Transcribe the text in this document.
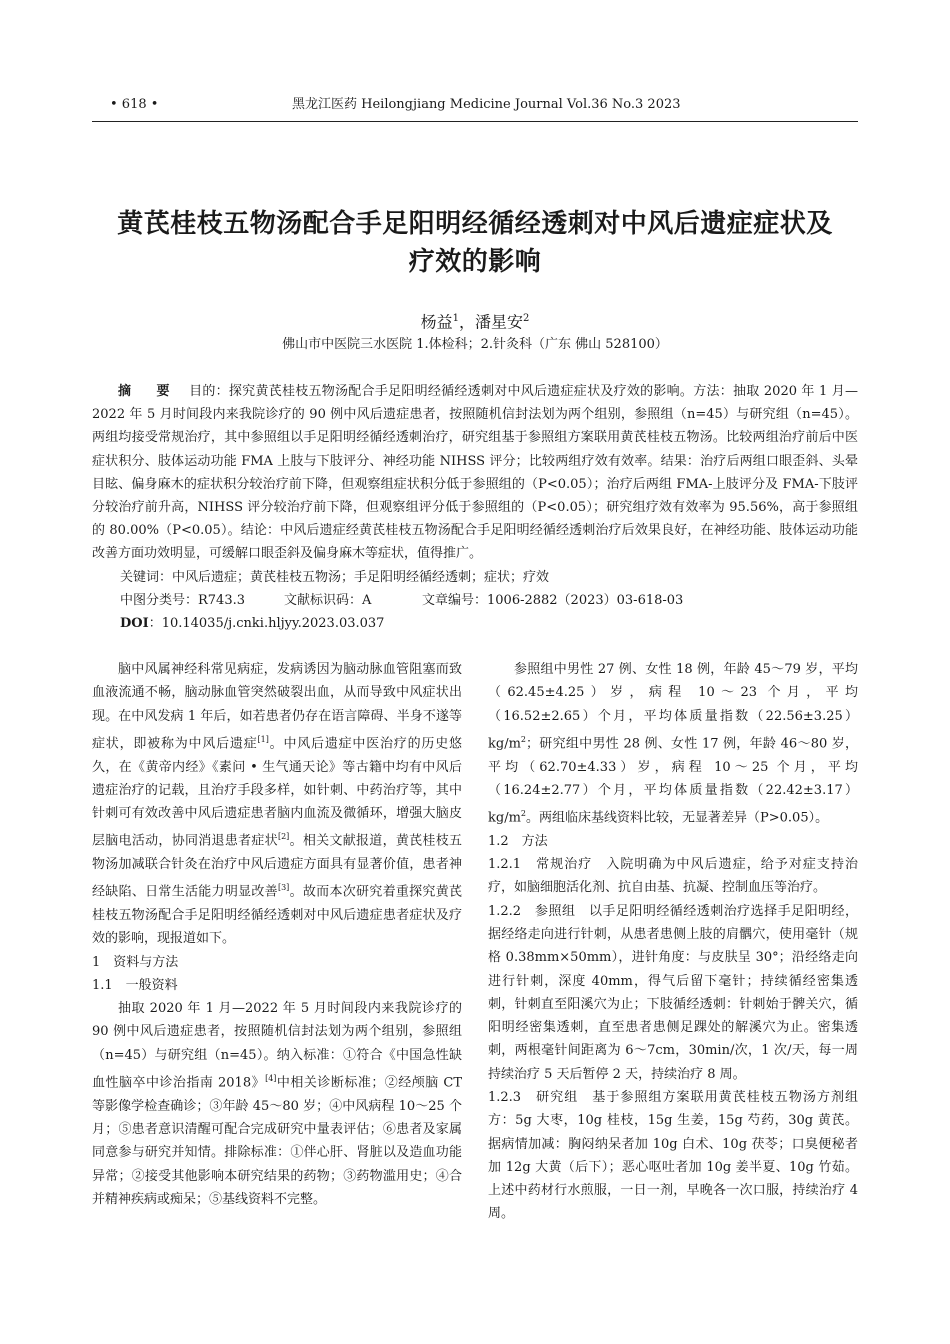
• 618 •	黑龙江医药 Heilongjiang Medicine Journal Vol.36 No.3 2023
黄芪桂枝五物汤配合手足阳明经循经透刺对中风后遗症症状及
疗效的影响
杨益$^1$，潘星安$^2$
佛山市中医院三水医院 1.体检科；2.针灸科（广东 佛山 528100）

摘　要　 目的：探究黄芪桂枝五物汤配合手足阳明经循经透刺对中风后遗症症状及疗效的影响。方法：抽取 2020 年 1 月—2022 年 5 月时间段内来我院诊疗的 90 例中风后遗症患者，按照随机信封法划为两个组别，参照组（n=45）与研究组（n=45）。两组均接受常规治疗，其中参照组以手足阳明经循经透刺治疗，研究组基于参照组方案联用黄芪桂枝五物汤。比较两组治疗前后中医症状积分、肢体运动功能 FMA 上肢与下肢评分、神经功能 NIHSS 评分；比较两组疗效有效率。结果：治疗后两组口眼歪斜、头晕目眩、偏身麻木的症状积分较治疗前下降，但观察组症状积分低于参照组的（P<0.05）；治疗后两组 FMA-上肢评分及 FMA-下肢评分较治疗前升高，NIHSS 评分较治疗前下降，但观察组评分低于参照组的（P<0.05）；研究组疗效有效率为 95.56%，高于参照组的 80.00%（P<0.05）。结论：中风后遗症经黄芪桂枝五物汤配合手足阳明经循经透刺治疗后效果良好，在神经功能、肢体运动功能改善方面功效明显，可缓解口眼歪斜及偏身麻木等症状，值得推广。

关键词：中风后遗症；黄芪桂枝五物汤；手足阳明经循经透刺；症状；疗效
中图分类号：R743.3	文献标识码：A	文章编号：1006-2882（2023）03-618-03
DOI：10.14035/j.cnki.hljyy.2023.03.037

脑中风属神经科常见病症，发病诱因为脑动脉血管阻塞而致血液流通不畅，脑动脉血管突然破裂出血，从而导致中风症状出现。在中风发病 1 年后，如若患者仍存在语言障碍、半身不遂等症状，即被称为中风后遗症[1]。中风后遗症中医治疗的历史悠久，在《黄帝内经》《素问 • 生气通天论》等古籍中均有中风后遗症治疗的记载，且治疗手段多样，如针刺、中药治疗等，其中针刺可有效改善中风后遗症患者脑内血流及微循环，增强大脑皮层脑电活动，协同消退患者症状[2]。相关文献报道，黄芪桂枝五物汤加减联合针灸在治疗中风后遗症方面具有显著价值，患者神经缺陷、日常生活能力明显改善[3]。故而本次研究着重探究黄芪桂枝五物汤配合手足阳明经循经透刺对中风后遗症患者症状及疗效的影响，现报道如下。

1　资料与方法

1.1　一般资料

抽取 2020 年 1 月—2022 年 5 月时间段内来我院诊疗的 90 例中风后遗症患者，按照随机信封法划为两个组别，参照组（n=45）与研究组（n=45）。纳入标准：①符合《中国急性缺血性脑卒中诊治指南 2018》[4]中相关诊断标准；②经颅脑 CT 等影像学检查确诊；③年龄 45～80 岁；④中风病程 10～25 个月；⑤患者意识清醒可配合完成研究中量表评估；⑥患者及家属同意参与研究并知情。排除标准：①伴心肝、肾脏以及造血功能异常；②接受其他影响本研究结果的药物；③药物滥用史；④合并精神疾病或痴呆；⑤基线资料不完整。

参照组中男性 27 例、女性 18 例，年龄 45～79 岁，平均（62.45±4.25）岁，病程 10～23 个月，平均（16.52±2.65）个月，平均体质量指数$(22.56\pm 3.25)kg/m^2$；研究组中男性 28 例、女性 17 例，年龄 46～80 岁，平均（62.70±4.33）岁，病程 10～25 个月，平均（16.24±2.77）个月，平均体质量指数$(22.42\pm 3.17)kg/m^2$。两组临床基线资料比较，无显著差异（P>0.05）。

1.2　方法

1.2.1　常规治疗　入院明确为中风后遗症，给予对症支持治疗，如脑细胞活化剂、抗自由基、抗凝、控制血压等治疗。

1.2.2　参照组　以手足阳明经循经透刺治疗选择手足阳明经，据经络走向进行针刺，从患者患侧上肢的肩髃穴，使用毫针（规格 0.38mm×50mm），进针角度：与皮肤呈 30°；沿经络走向进行针刺，深度 40mm，得气后留下毫针；持续循经密集透刺，针刺直至阳溪穴为止；下肢循经透刺：针刺始于髀关穴，循阳明经密集透刺，直至患者患侧足踝处的解溪穴为止。密集透刺，两根毫针间距离为 6～7cm，30min/次，1 次/天，每一周持续治疗 5 天后暂停 2 天，持续治疗 8 周。

1.2.3　研究组　基于参照组方案联用黄芪桂枝五物汤方剂组方：5g 大枣，10g 桂枝，15g 生姜，15g 芍药，30g 黄芪。据病情加减：胸闷纳呆者加 10g 白术、10g 茯苓；口臭便秘者加 12g 大黄（后下）；恶心呕吐者加 10g 姜半夏、10g 竹茹。上述中药材行水煎服，一日一剂，早晚各一次口服，持续治疗 4 周。
